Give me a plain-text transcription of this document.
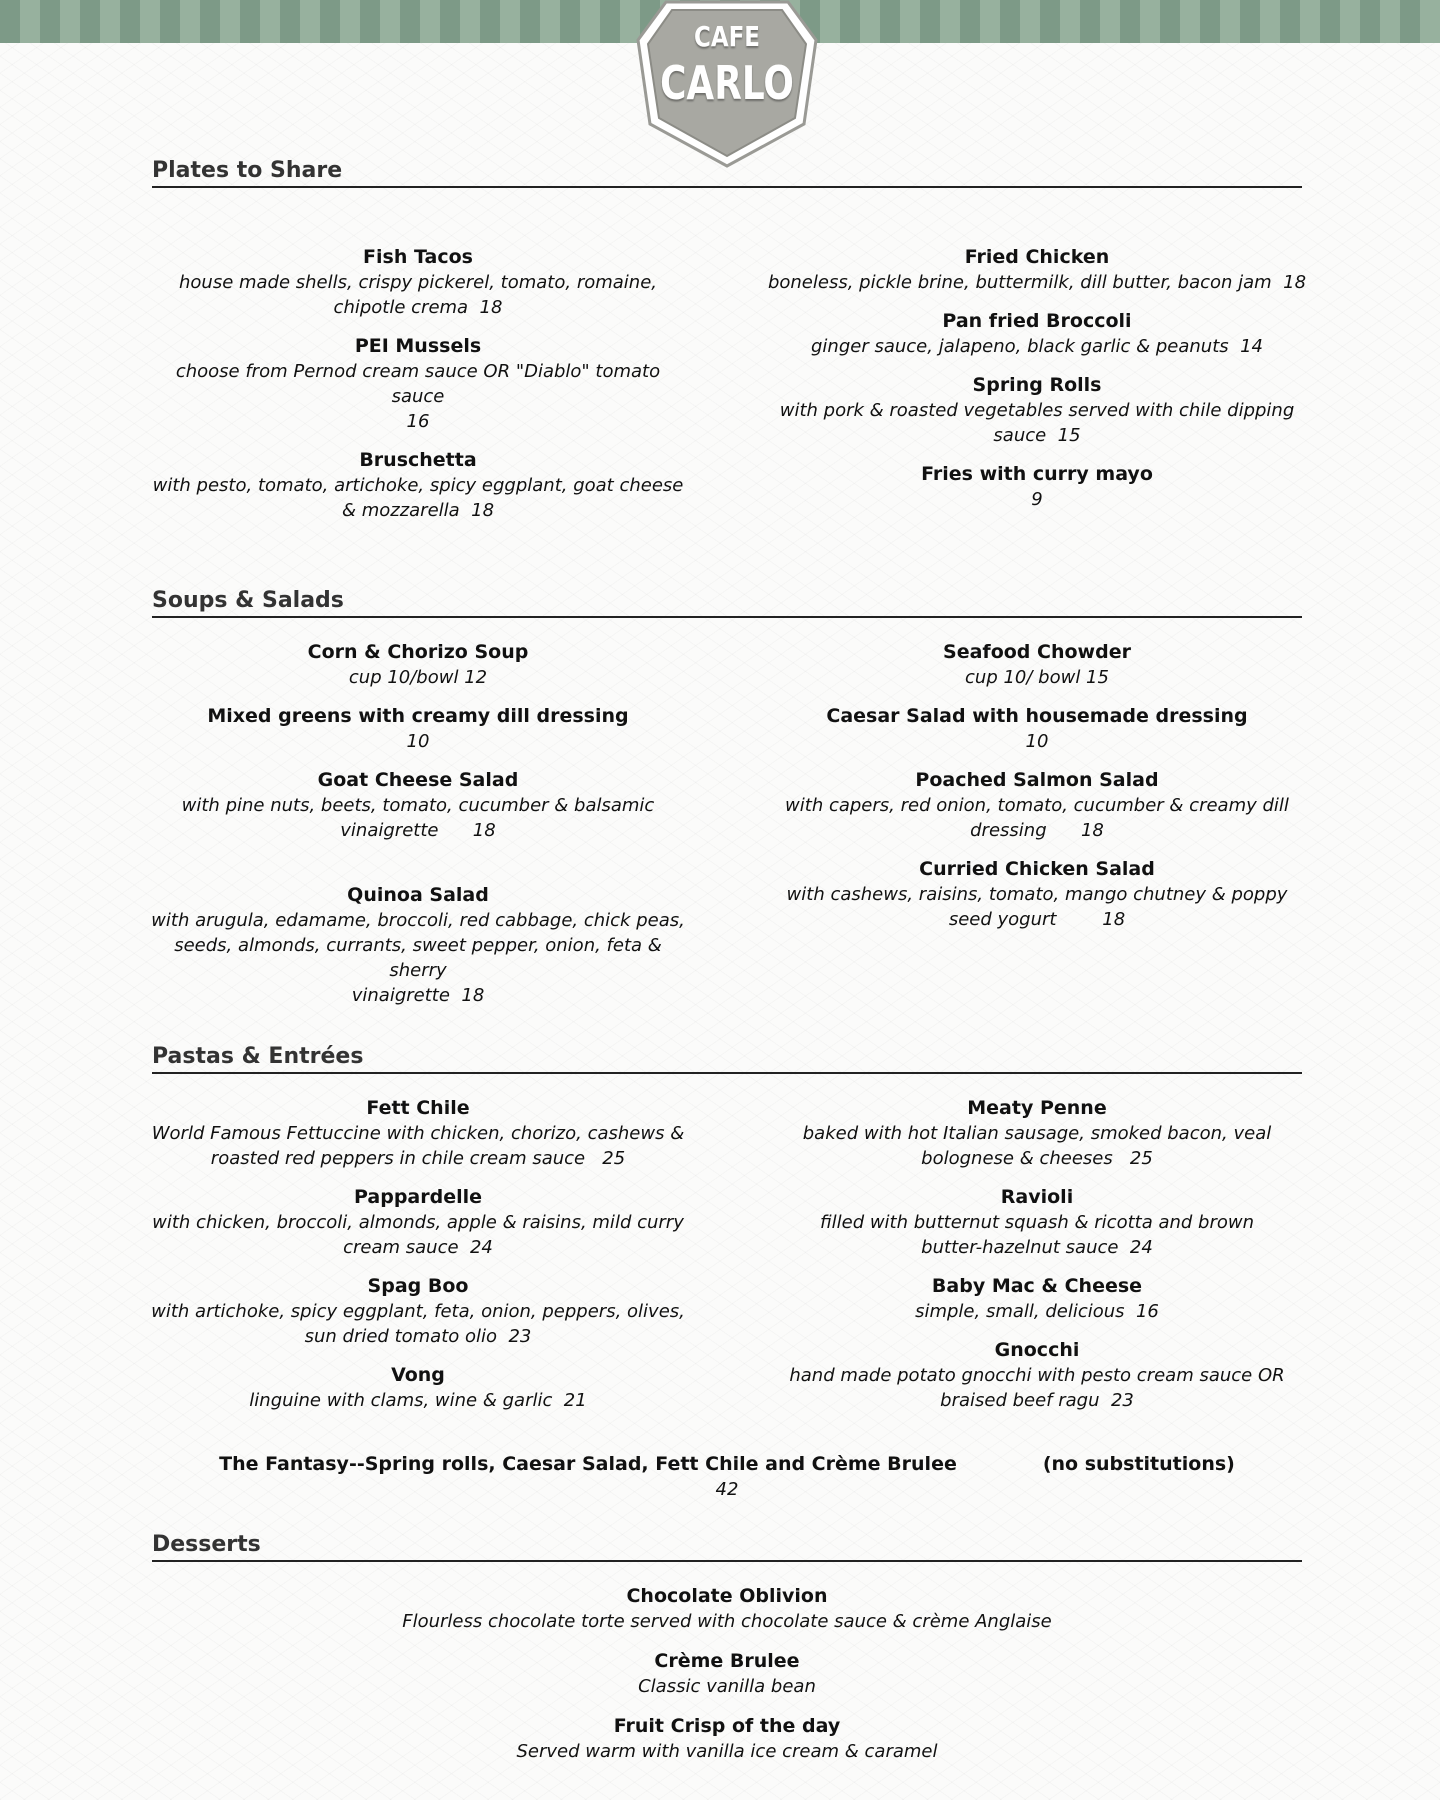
CAFE
CARLO
Plates to Share
Fish Tacos
house made shells, crispy pickerel, tomato, romaine,
chipotle crema  18
PEI Mussels
choose from Pernod cream sauce OR "Diablo" tomato sauce
16
Bruschetta
with pesto, tomato, artichoke, spicy eggplant, goat cheese
& mozzarella  18
Fried Chicken
boneless, pickle brine, buttermilk, dill butter, bacon jam  18
Pan fried Broccoli
ginger sauce, jalapeno, black garlic & peanuts  14
Spring Rolls
with pork & roasted vegetables served with chile dipping
sauce  15
Fries with curry mayo
9
Soups & Salads
Corn & Chorizo Soup
cup 10/bowl 12
Mixed greens with creamy dill dressing
10
Goat Cheese Salad
with pine nuts, beets, tomato, cucumber & balsamic
vinaigrette      18
Quinoa Salad
with arugula, edamame, broccoli, red cabbage, chick peas,
seeds, almonds, currants, sweet pepper, onion, feta & sherry
vinaigrette  18
Seafood Chowder
cup 10/ bowl 15
Caesar Salad with housemade dressing
10
Poached Salmon Salad
with capers, red onion, tomato, cucumber & creamy dill
dressing      18
Curried Chicken Salad
with cashews, raisins, tomato, mango chutney & poppy
seed yogurt        18
Pastas & Entrées
Fett Chile
World Famous Fettuccine with chicken, chorizo, cashews &
roasted red peppers in chile cream sauce   25
Pappardelle
with chicken, broccoli, almonds, apple & raisins, mild curry
cream sauce  24
Spag Boo
with artichoke, spicy eggplant, feta, onion, peppers, olives,
sun dried tomato olio  23
Vong
linguine with clams, wine & garlic  21
Meaty Penne
baked with hot Italian sausage, smoked bacon, veal
bolognese & cheeses   25
Ravioli
filled with butternut squash & ricotta and brown
butter-hazelnut sauce  24
Baby Mac & Cheese
simple, small, delicious  16
Gnocchi
hand made potato gnocchi with pesto cream sauce OR
braised beef ragu  23
The Fantasy--Spring rolls, Caesar Salad, Fett Chile and Crème Brulee             (no substitutions)
42
Desserts
Chocolate Oblivion
Flourless chocolate torte served with chocolate sauce & crème Anglaise
Crème Brulee
Classic vanilla bean
Fruit Crisp of the day
Served warm with vanilla ice cream & caramel
